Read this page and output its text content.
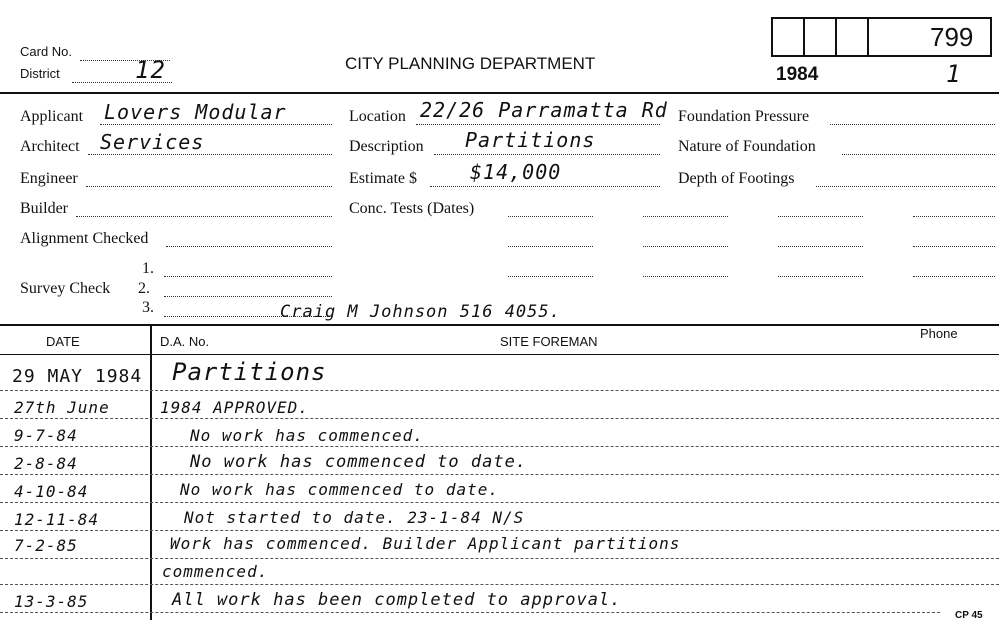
799
Card No.
District	12	CITY PLANNING DEPARTMENT
1984	1
Applicant Lovers Modular
Architect Services
Engineer
Builder
Alignment Checked
Survey Check
1.
2.
3.
Location 22/26 Parramatta Rd
Description Partitions
Estimate $	$14,000
Conc. Tests (Dates)
Foundation Pressure
Nature of Foundation
Depth of Footings
Craig M Johnson 516 4055.
DATE	D.A. No.	SITE FOREMAN
Phone
29 MAY 1984 Partitions
27th June	1984 APPROVED.
9-7-84	No work has commenced.
2-8-84	No work has commenced to date.
4-10-84	No work has commenced to date.
12-11-84	Not started to date. 23-1-84 N/S
7-2-85	Work has commenced. Builder Applicant partitions
commenced.
13-3-85	All work has been completed to approval.
CP 45
